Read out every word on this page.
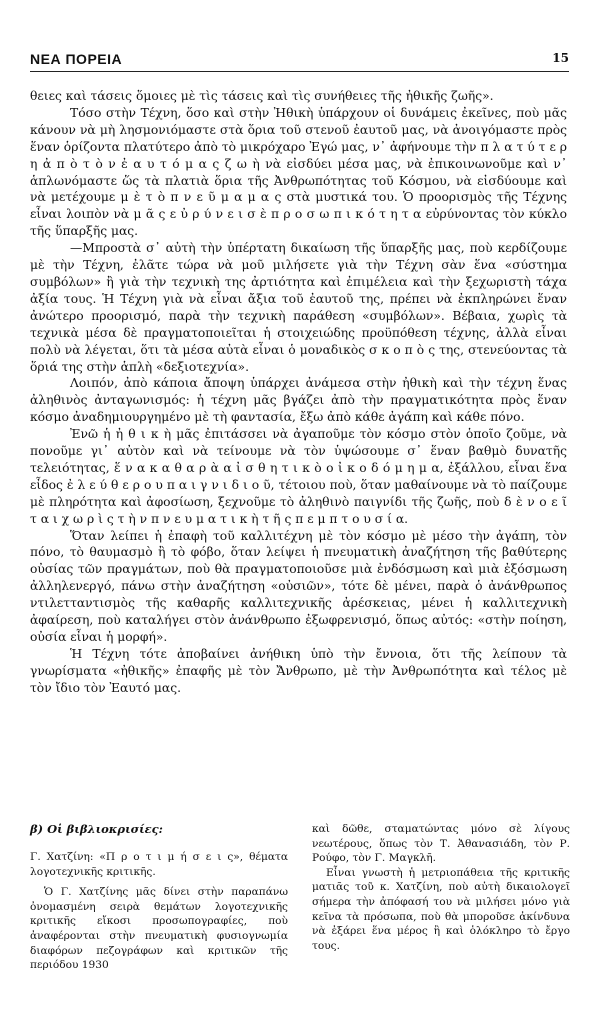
ΝΕΑ ΠΟΡΕΙΑ	15

θειες καὶ τάσεις ὅμοιες μὲ τὶς τάσεις καὶ τὶς συνήθειες τῆς ἠθικῆς ζωῆς».

Τόσο στὴν Τέχνη, ὅσο καὶ στὴν Ἠθικὴ ὑπάρχουν οἱ δυνάμεις ἐκεῖνες, ποὺ μᾶς κάνουν νὰ μὴ λησμονιόμαστε στὰ ὅρια τοῦ στενοῦ ἐαυτοῦ μας, νὰ ἀνοιγόμαστε πρὸς ἕναν ὁρίζοντα πλατύτερο ἀπὸ τὸ μικρόχαρο Ἐγώ μας, ν᾽ ἀφήνουμε τὴν π λ α τ ύ τ ε ρ η ἀ π ὸ τ ὸ ν ἐ α υ τ ό μ α ς ζ ω ὴ νὰ εἰσδύει μέσα μας, νὰ ἐπικοινωνοῦμε καὶ ν᾽ ἁπλωνόμαστε ὥς τὰ πλατιὰ ὅρια τῆς Ἀνθρωπότητας τοῦ Κόσμου, νὰ εἰσδύουμε καὶ νὰ μετέχουμε μ ὲ τ ὸ π ν ε ῦ μ α μ α ς στὰ μυστικά του. Ὁ προορισμὸς τῆς Τέχνης εἶναι λοιπὸν νὰ μ ᾶ ς ε ὐ ρ ύ ν ε ι σ ὲ π ρ ο σ ω π ι κ ό τ η τ α εὐρύνοντας τὸν κύκλο τῆς ὕπαρξῆς μας.

—Μπροστὰ σ᾽ αὐτὴ τὴν ὑπέρτατη δικαίωση τῆς ὕπαρξῆς μας, ποὺ κερδίζουμε μὲ τὴν Τέχνη, ἐλᾶτε τώρα νὰ μοῦ μιλήσετε γιὰ τὴν Τέχνη σὰν ἕνα «σύστημα συμβόλων» ἢ γιὰ τὴν τεχνικὴ της ἀρτιότητα καὶ ἐπιμέλεια καὶ τὴν ξεχωριστὴ τάχα ἀξία τους. Ἡ Τέχνη γιὰ νὰ εἶναι ἄξια τοῦ ἐαυτοῦ της, πρέπει νὰ ἐκπληρώνει ἕναν ἀνώτερο προορισμό, παρὰ τὴν τεχνικὴ παράθεση «συμβόλων». Βέβαια, χωρὶς τὰ τεχνικὰ μέσα δὲ πραγματοποιεῖται ἡ στοιχειώδης προϋπόθεση τέχνης, ἀλλὰ εἶναι πολὺ νὰ λέγεται, ὅτι τὰ μέσα αὐτὰ εἶναι ὁ μοναδικὸς σ κ ο π ὸ ς της, στενεύοντας τὰ ὅριά της στὴν ἁπλὴ «δεξιοτεχνία».

Λοιπόν, ἀπὸ κάποια ἄποψη ὑπάρχει ἀνάμεσα στὴν ἠθικὴ καὶ τὴν τέχνη ἕνας ἀληθινὸς ἀνταγωνισμός: ἡ τέχνη μᾶς βγάζει ἀπὸ τὴν πραγματικότητα πρὸς ἕναν κόσμο ἀναδημιουργημένο μὲ τὴ φαντασία, ἔξω ἀπὸ κάθε ἀγάπη καὶ κάθε πόνο.

Ἐνῶ ἡ ἠ θ ι κ ὴ μᾶς ἐπιτάσσει νὰ ἀγαποῦμε τὸν κόσμο στὸν ὁποῖο ζοῦμε, νὰ πονοῦμε γι᾽ αὐτὸν καὶ νὰ τείνουμε νὰ τὸν ὑψώσουμε σ᾽ ἕναν βαθμὸ δυνατῆς τελειότητας, ἕ ν α κ α θ α ρ ὰ α ἰ σ θ η τ ι κ ὸ ο ἰ κ ο δ ό μ η μ α, ἐξάλλου, εἶναι ἕνα εἶδος ἐ λ ε ύ θ ε ρ ο υ π α ι γ ν ι δ ι ο ῦ, τέτοιου ποὺ, ὅταν μαθαίνουμε νὰ τὸ παίζουμε μὲ πληρότητα καὶ ἀφοσίωση, ξεχνοῦμε τὸ ἀληθινὸ παιγνίδι τῆς ζωῆς, ποὺ δ ὲ ν ο ε ῖ τ α ι χ ω ρ ὶ ς τ ὴ ν π ν ε υ μ α τ ι κ ὴ τ ῆ ς π ε μ π τ ο υ σ ί α.

Ὅταν λείπει ἡ ἐπαφὴ τοῦ καλλιτέχνη μὲ τὸν κόσμο μὲ μέσο τὴν ἀγάπη, τὸν πόνο, τὸ θαυμασμὸ ἢ τὸ φόβο, ὅταν λείψει ἡ πνευματικὴ ἀναζήτηση τῆς βαθύτερης οὐσίας τῶν πραγμάτων, ποὺ θὰ πραγματοποιοῦσε μιὰ ἐνδόσμωση καὶ μιὰ ἐξόσμωση ἀλληλενεργό, πάνω στὴν ἀναζήτηση «οὐσιῶν», τότε δὲ μένει, παρὰ ὁ ἀνάνθρωπος ντιλετταντισμὸς τῆς καθαρῆς καλλιτεχνικῆς ἀρέσκειας, μένει ἡ καλλιτεχνικὴ ἀφαίρεση, ποὺ καταλήγει στὸν ἀνάνθρωπο ἐξωφρενισμό, ὅπως αὐτός: «στὴν ποίηση, οὐσία εἶναι ἡ μορφή».

Ἡ Τέχνη τότε ἀποβαίνει ἀνήθικη ὑπὸ τὴν ἔννοια, ὅτι τῆς λείπουν τὰ γνωρίσματα «ἠθικῆς» ἐπαφῆς μὲ τὸν Ἄνθρωπο, μὲ τὴν Ἀνθρωπότητα καὶ τέλος μὲ τὸν ἴδιο τὸν Ἐαυτό μας.

β) Οἱ βιβλιοκρισίες:

Γ. Χατζίνη: «Π ρ ο τ ι μ ή σ ε ι ς», θέματα λογοτεχνικῆς κριτικῆς.

Ὁ Γ. Χατζίνης μᾶς δίνει στὴν παραπάνω ὀνομασμένη σειρὰ θεμάτων λογοτεχνικῆς κριτικῆς εἴκοσι προσωπογραφίες, ποὺ ἀναφέρονται στὴν πνευματικὴ φυσιογνωμία διαφόρων πεζογράφων καὶ κριτικῶν τῆς περιόδου 1930

καὶ δῶθε, σταματώντας μόνο σὲ λίγους νεωτέρους, ὅπως τὸν Τ. Ἀθανασιάδη, τὸν Ρ. Ρούφο, τὸν Γ. Μαγκλῆ.

Εἶναι γνωστὴ ἡ μετριοπάθεια τῆς κριτικῆς ματιᾶς τοῦ κ. Χατζίνη, ποὺ αὐτὴ δικαιολογεῖ σήμερα τὴν ἀπόφασή του νὰ μιλήσει μόνο γιὰ κεῖνα τὰ πρόσωπα, ποὺ θὰ μποροῦσε ἀκίνδυνα νὰ ἐξάρει ἕνα μέρος ἢ καὶ ὁλόκληρο τὸ ἔργο τους.
